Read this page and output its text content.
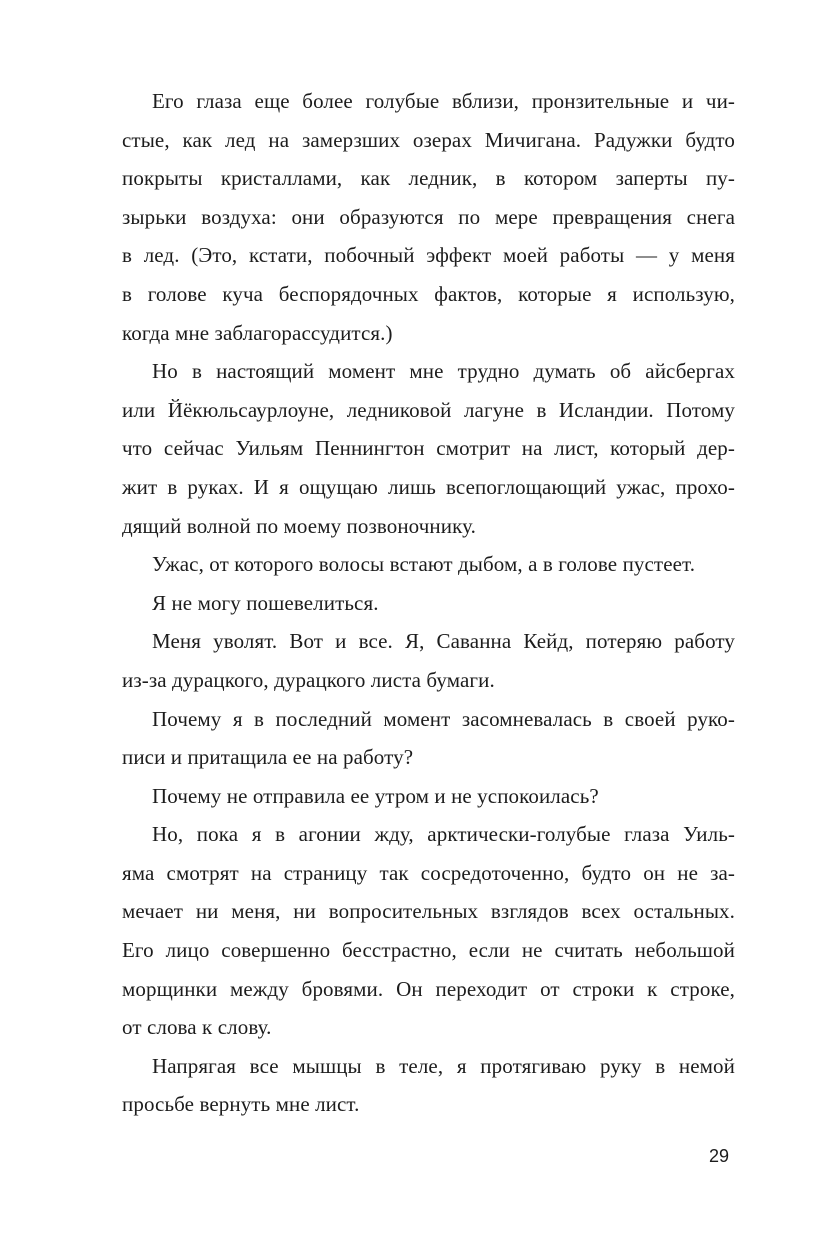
Его глаза еще более голубые вблизи, пронзительные и чи-
стые, как лед на замерзших озерах Мичигана. Радужки будто
покрыты кристаллами, как ледник, в котором заперты пу-
зырьки воздуха: они образуются по мере превращения снега
в лед. (Это, кстати, побочный эффект моей работы — у меня
в голове куча беспорядочных фактов, которые я использую,
когда мне заблагорассудится.)
Но в настоящий момент мне трудно думать об айсбергах
или Йёкюльсаурлоуне, ледниковой лагуне в Исландии. Потому
что сейчас Уильям Пеннингтон смотрит на лист, который дер-
жит в руках. И я ощущаю лишь всепоглощающий ужас, прохо-
дящий волной по моему позвоночнику.
Ужас, от которого волосы встают дыбом, а в голове пустеет.
Я не могу пошевелиться.
Меня уволят. Вот и все. Я, Саванна Кейд, потеряю работу
из-за дурацкого, дурацкого листа бумаги.
Почему я в последний момент засомневалась в своей руко-
писи и притащила ее на работу?
Почему не отправила ее утром и не успокоилась?
Но, пока я в агонии жду, арктически-голубые глаза Уиль-
яма смотрят на страницу так сосредоточенно, будто он не за-
мечает ни меня, ни вопросительных взглядов всех остальных.
Его лицо совершенно бесстрастно, если не считать небольшой
морщинки между бровями. Он переходит от строки к строке,
от слова к слову.
Напрягая все мышцы в теле, я протягиваю руку в немой
просьбе вернуть мне лист.
29
